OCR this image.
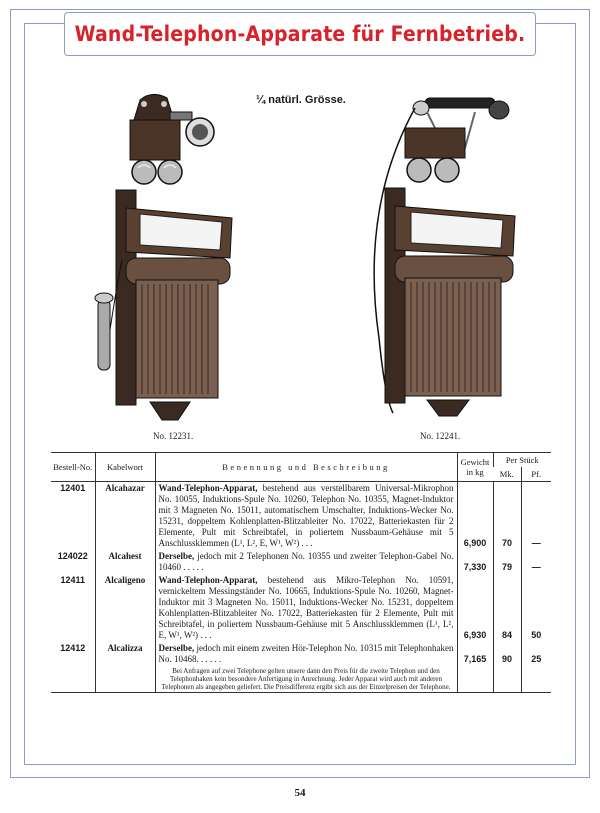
Wand-Telephon-Apparate für Fernbetrieb.
¼ natürl. Grösse.
No. 12231.	No. 12241.
Bestell-No.	Kabelwort	Benennung und Beschreibung	Gewicht in kg	Per Stück	
				Mk.	Pf.
12401	Alcahazar	Wand-Telephon-Apparat, bestehend aus verstellbarem Universal-Mikrophon No. 10055, Induktions-Spule No. 10260, Telephon No. 10355, Magnet-Induktor mit 3 Magneten No. 15011, automatischem Umschalter, Induktions-Wecker No. 15231, doppeltem Kohlenplatten-Blitzableiter No. 17022, Batteriekasten für 2 Elemente, Pult mit Schreibtafel, in poliertem Nussbaum-Gehäuse mit 5 Anschlussklemmen (L¹, L², E, W¹, W²) . . .	6,900	70	—
124022	Alcahest	Derselbe, jedoch mit 2 Telephonen No. 10355 und zweiter Telephon-Gabel No. 10460 . . . . .	7,330	79	—
12411	Alcaligeno	Wand-Telephon-Apparat, bestehend aus Mikro-Telephon No. 10591, vernickeltem Messingständer No. 10665, Induktions-Spule No. 10260, Magnet-Induktor mit 3 Magneten No. 15011, Induktions-Wecker No. 15231, doppeltem Kohlenplatten-Blitzableiter No. 17022, Batteriekasten für 2 Elemente, Pult mit Schreibtafel, in poliertem Nussbaum-Gehäuse mit 5 Anschlussklemmen (L¹, L², E, W¹, W²) . . .	6,930	84	50
12412	Alcalizza	Derselbe, jedoch mit einem zweiten Hör-Telephon No. 10315 mit Telephonhaken No. 10468. . . . . .	7,165	90	25
		Bei Anfragen auf zwei Telephone gelten unsere dann den Preis für die zweite Telephon und den Telephonhaken kein besondere Anfertigung in Anrechnung. Jeder Apparat wird auch mit anderen Telephonen als angegeben geliefert. Die Preisdifferenz ergibt sich aus der Einzelpreisen der Telephone.			
54
